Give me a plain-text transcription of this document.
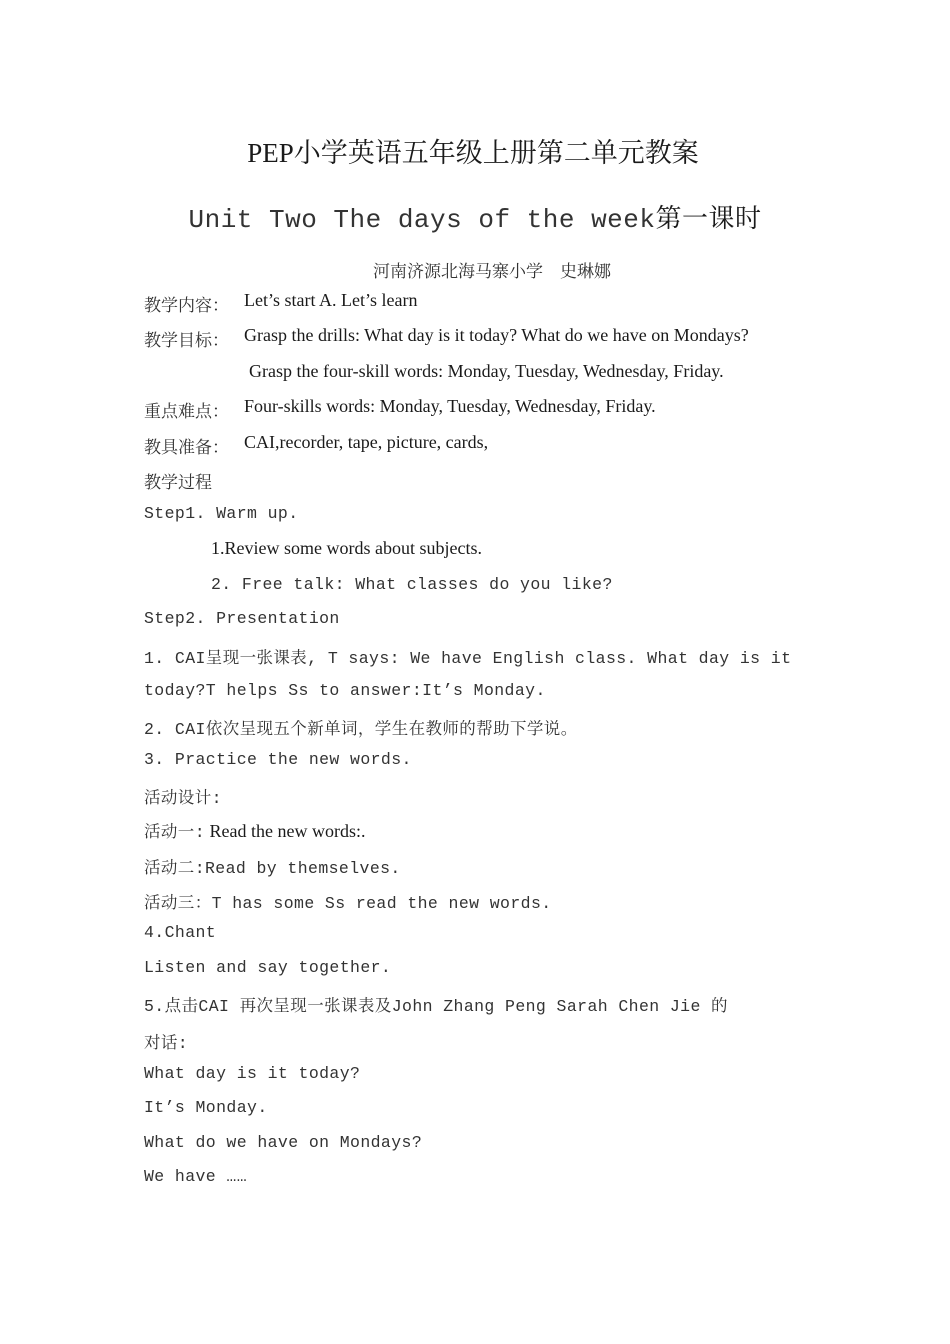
PEP小学英语五年级上册第二单元教案
Unit Two The days of the week第一课时
河南济源北海马寨小学　史琳娜
教学内容： Let’s start A. Let’s learn
教学目标： Grasp the drills: What day is it today? What do we have on Mondays?
Grasp the four-skill words: Monday, Tuesday, Wednesday, Friday.
重点难点： Four-skills words: Monday, Tuesday, Wednesday, Friday.
教具准备： CAI,recorder, tape, picture, cards,
教学过程
Step1. Warm up.
1.Review some words about subjects.
2. Free talk: What classes do you like?
Step2. Presentation
1. CAI呈现一张课表, T says: We have English class. What day is it
today?T helps Ss to answer:It’s Monday.
2. CAI依次呈现五个新单词，学生在教师的帮助下学说。
3. Practice the new words.
活动设计:
活动一: Read the new words:.
活动二:Read by themselves.
活动三：T has some Ss read the new words.
4.Chant
Listen and say together.
5.点击CAI 再次呈现一张课表及John Zhang Peng Sarah Chen Jie 的
对话:
What day is it today?
It’s Monday.
What do we have on Mondays?
We have ……
